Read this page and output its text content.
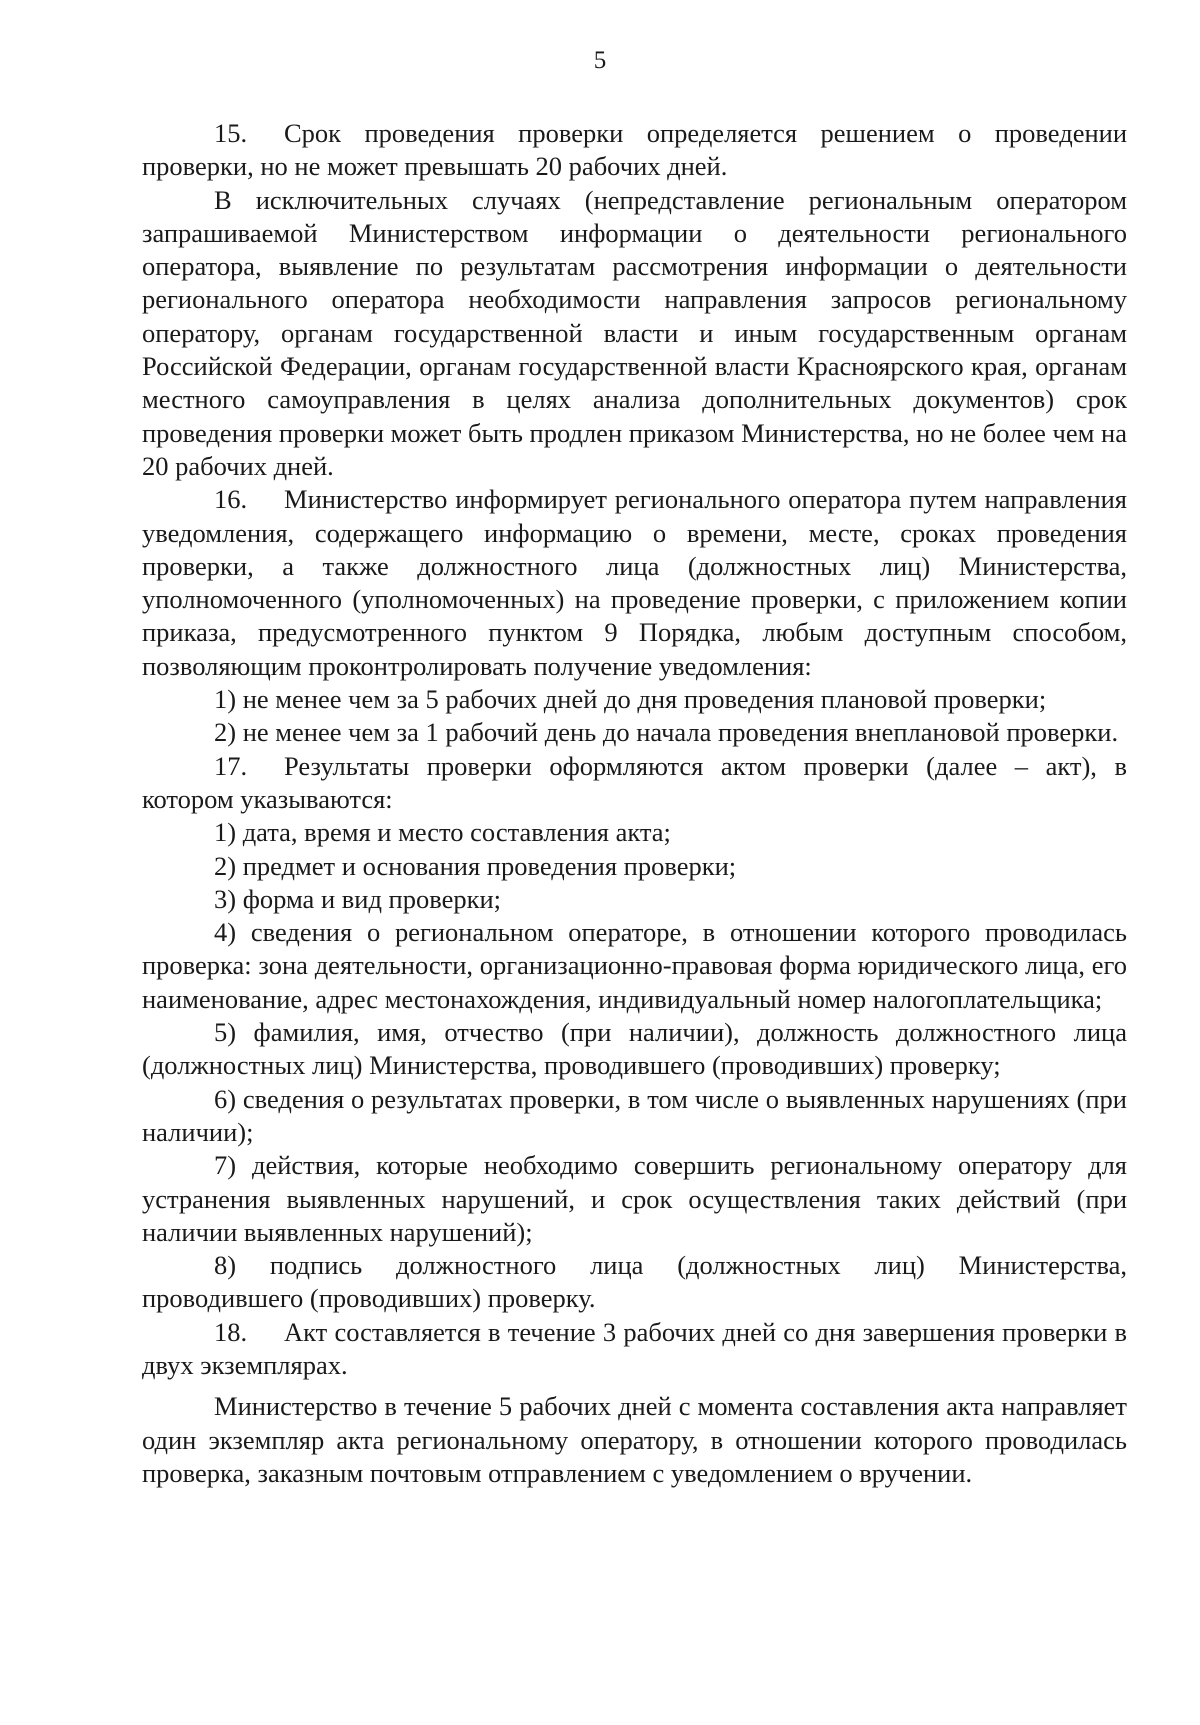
5

15. Срок проведения проверки определяется решением о проведении проверки, но не может превышать 20 рабочих дней.

В исключительных случаях (непредставление региональным оператором запрашиваемой Министерством информации о деятельности регионального оператора, выявление по результатам рассмотрения информации о деятельности регионального оператора необходимости направления запросов региональному оператору, органам государственной власти и иным государственным органам Российской Федерации, органам государственной власти Красноярского края, органам местного самоуправления в целях анализа дополнительных документов) срок проведения проверки может быть продлен приказом Министерства, но не более чем на 20 рабочих дней.

16. Министерство информирует регионального оператора путем направления уведомления, содержащего информацию о времени, месте, сроках проведения проверки, а также должностного лица (должностных лиц) Министерства, уполномоченного (уполномоченных) на проведение проверки, с приложением копии приказа, предусмотренного пунктом 9 Порядка, любым доступным способом, позволяющим проконтролировать получение уведомления:

1) не менее чем за 5 рабочих дней до дня проведения плановой проверки;

2) не менее чем за 1 рабочий день до начала проведения внеплановой проверки.

17. Результаты проверки оформляются актом проверки (далее – акт), в котором указываются:

1) дата, время и место составления акта;

2) предмет и основания проведения проверки;

3) форма и вид проверки;

4) сведения о региональном операторе, в отношении которого проводилась проверка: зона деятельности, организационно-правовая форма юридического лица, его наименование, адрес местонахождения, индивидуальный номер налогоплательщика;

5) фамилия, имя, отчество (при наличии), должность должностного лица (должностных лиц) Министерства, проводившего (проводивших) проверку;

6) сведения о результатах проверки, в том числе о выявленных нарушениях (при наличии);

7) действия, которые необходимо совершить региональному оператору для устранения выявленных нарушений, и срок осуществления таких действий (при наличии выявленных нарушений);

8) подпись должностного лица (должностных лиц) Министерства, проводившего (проводивших) проверку.

18. Акт составляется в течение 3 рабочих дней со дня завершения проверки в двух экземплярах.

Министерство в течение 5 рабочих дней с момента составления акта направляет один экземпляр акта региональному оператору, в отношении которого проводилась проверка, заказным почтовым отправлением с уведомлением о вручении.
